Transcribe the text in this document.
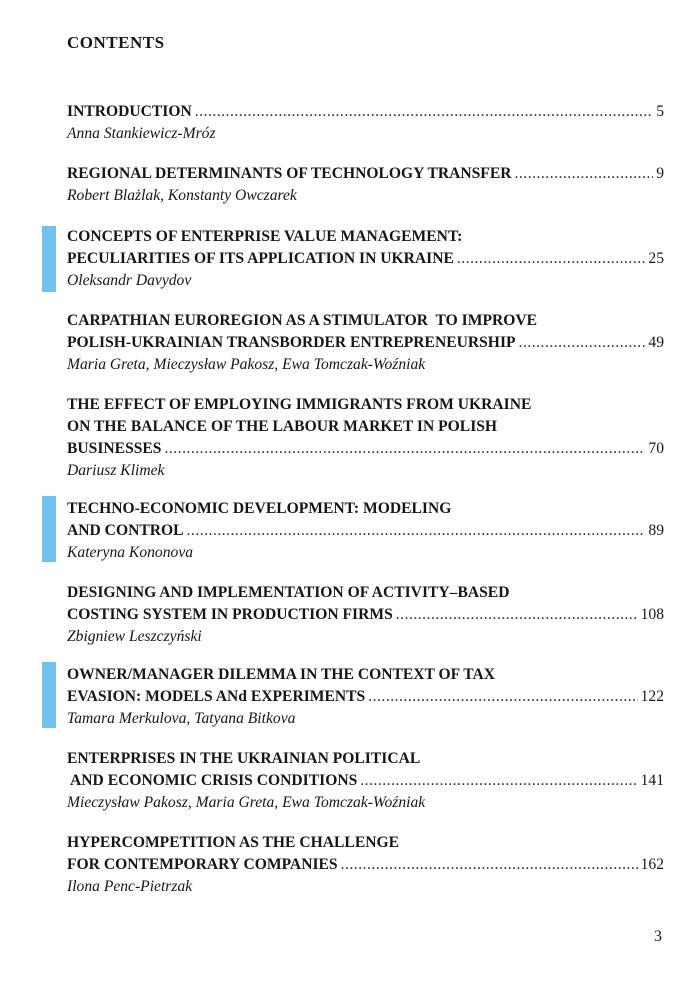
CONTENTS
INTRODUCTION .....	5
Anna Stankiewicz-Mróz
REGIONAL DETERMINANTS OF TECHNOLOGY TRANSFER .....	9
Robert Blażlak, Konstanty Owczarek
CONCEPTS OF ENTERPRISE VALUE MANAGEMENT:
PECULIARITIES OF ITS APPLICATION IN UKRAINE .....	25
Oleksandr Davydov
CARPATHIAN EUROREGION AS A STIMULATOR  TO IMPROVE
POLISH-UKRAINIAN TRANSBORDER ENTREPRENEURSHIP .....	49
Maria Greta, Mieczysław Pakosz, Ewa Tomczak-Woźniak
THE EFFECT OF EMPLOYING IMMIGRANTS FROM UKRAINE
ON THE BALANCE OF THE LABOUR MARKET IN POLISH
BUSINESSES .....	70
Dariusz Klimek
TECHNO-ECONOMIC DEVELOPMENT: MODELING
AND CONTROL .....	89
Kateryna Kononova
DESIGNING AND IMPLEMENTATION OF ACTIVITY–BASED
COSTING SYSTEM IN PRODUCTION FIRMS .....	108
Zbigniew Leszczyński
OWNER/MANAGER DILEMMA IN THE CONTEXT OF TAX
EVASION: MODELS ANd EXPERIMENTS .....	122
Tamara Merkulova, Tatyana Bitkova
ENTERPRISES IN THE UKRAINIAN POLITICAL
AND ECONOMIC CRISIS CONDITIONS .....	141
Mieczysław Pakosz, Maria Greta, Ewa Tomczak-Woźniak
HYPERCOMPETITION AS THE CHALLENGE
FOR CONTEMPORARY COMPANIES .....	162
Ilona Penc-Pietrzak
3
